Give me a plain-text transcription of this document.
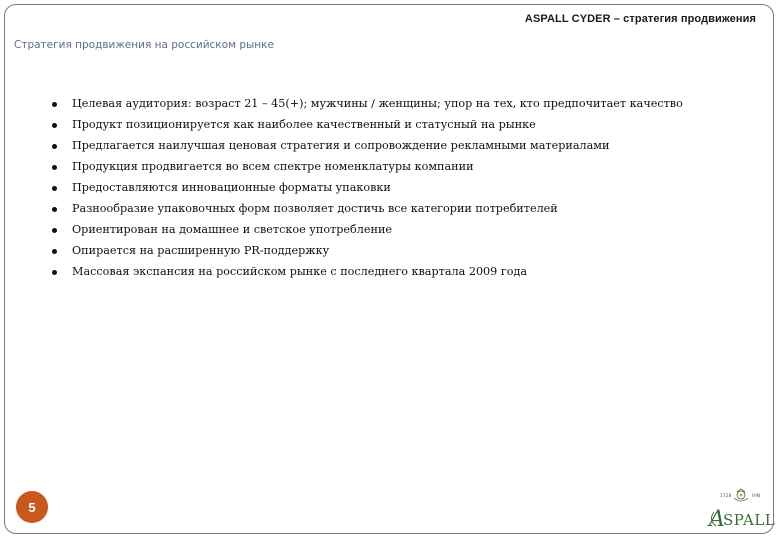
ASPALL CYDER – стратегия продвижения
Стратегия продвижения на российском рынке
Целевая аудитория: возраст 21 – 45(+); мужчины / женщины; упор на тех, кто предпочитает качество
Продукт позиционируется как наиболее качественный и статусный на рынке
Предлагается наилучшая ценовая стратегия и сопровождение рекламными материалами
Продукция продвигается во всем спектре номенклатуры компании
Предоставляются инновационные форматы упаковки
Разнообразие упаковочных форм позволяет достичь все категории потребителей
Ориентирован на домашнее и светское употребление
Опирается на расширенную PR-поддержку
Массовая экспансия на российском рынке с последнего квартала 2009 года
5
1728	IHN
A
SPALL
